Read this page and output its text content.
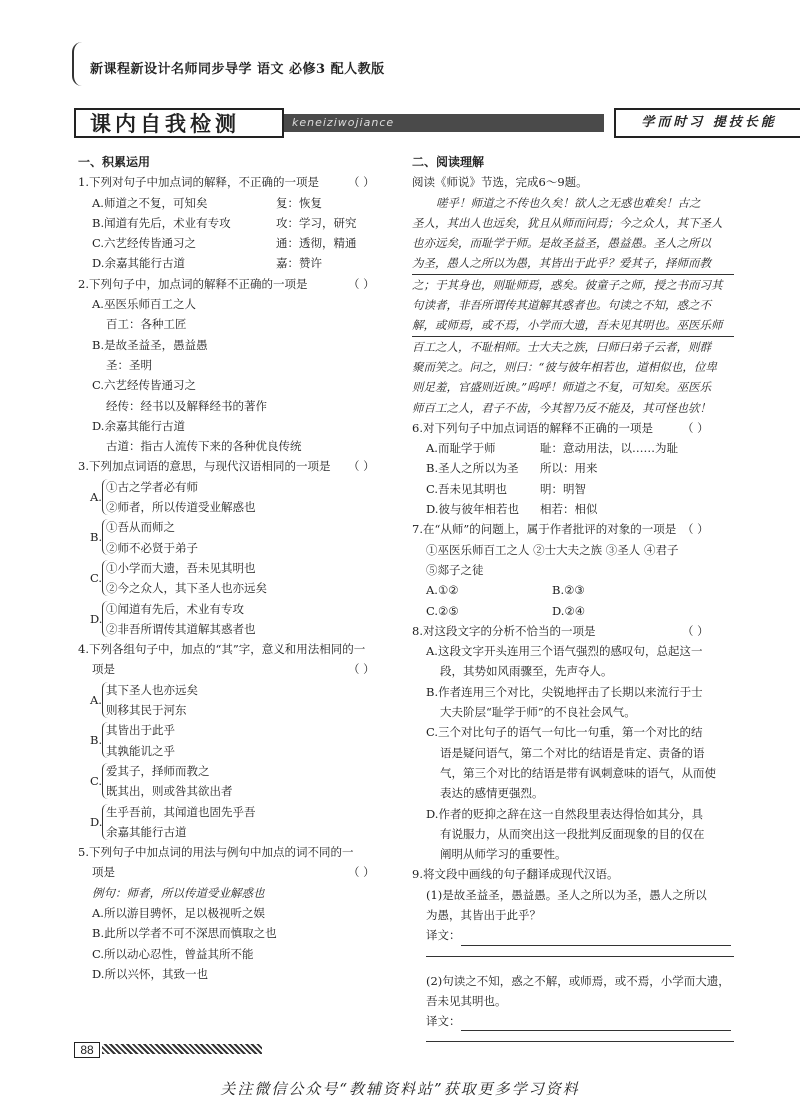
新课程新设计名师同步导学 语文 必修3 配人教版
课内自我检测	keneiziwojiance	学而时习 提技长能
一、积累运用
1.下列对句子中加点词的解释，不正确的一项是	（ ）
A.师道之不复，可知矣	复：恢复
B.闻道有先后，术业有专攻	攻：学习，研究
C.六艺经传皆通习之	通：透彻，精通
D.余嘉其能行古道	嘉：赞许
2.下列句子中，加点词的解释不正确的一项是	（ ）
A.巫医乐师百工之人
百工：各种工匠
B.是故圣益圣，愚益愚
圣：圣明
C.六艺经传皆通习之
经传：经书以及解释经书的著作
D.余嘉其能行古道
古道：指古人流传下来的各种优良传统
3.下列加点词语的意思，与现代汉语相同的一项是 （ ）
A.
①古之学者必有师
②师者，所以传道受业解惑也
B.
①吾从而师之
②师不必贤于弟子
C.
①小学而大遗，吾未见其明也
②今之众人，其下圣人也亦远矣
D.
①闻道有先后，术业有专攻
②非吾所谓传其道解其惑者也
4.下列各组句子中，加点的“其”字，意义和用法相同的一
项是	（ ）
A.
其下圣人也亦远矣
则移其民于河东
B.
其皆出于此乎
其孰能讥之乎
C.
爱其子，择师而教之
既其出，则或咎其欲出者
D.
生乎吾前，其闻道也固先乎吾
余嘉其能行古道
5.下列句子中加点词的用法与例句中加点的词不同的一
项是	（ ）
例句：师者，所以传道受业解惑也
A.所以游目骋怀，足以极视听之娱
B.此所以学者不可不深思而慎取之也
C.所以动心忍性，曾益其所不能
D.所以兴怀，其致一也
二、阅读理解
阅读《师说》节选，完成6～9题。
嗟乎！师道之不传也久矣！欲人之无惑也难矣！古之
圣人，其出人也远矣，犹且从师而问焉；今之众人，其下圣人
也亦远矣，而耻学于师。是故圣益圣，愚益愚。圣人之所以
为圣，愚人之所以为愚，其皆出于此乎？爱其子，择师而教
之；于其身也，则耻师焉，惑矣。彼童子之师，授之书而习其
句读者，非吾所谓传其道解其惑者也。句读之不知，惑之不
解，或师焉，或不焉，小学而大遗，吾未见其明也。巫医乐师
百工之人，不耻相师。士大夫之族，曰师曰弟子云者，则群
聚而笑之。问之，则曰：“彼与彼年相若也，道相似也，位卑
则足羞，官盛则近谀。”呜呼！师道之不复，可知矣。巫医乐
师百工之人，君子不齿，今其智乃反不能及，其可怪也欤！
6.对下列句子中加点词语的解释不正确的一项是	（ ）
A.而耻学于师	耻：意动用法，以……为耻
B.圣人之所以为圣 所以：用来
C.吾未见其明也	明：明智
D.彼与彼年相若也 相若：相似
7.在“从师”的问题上，属于作者批评的对象的一项是 （ ）
①巫医乐师百工之人 ②士大夫之族 ③圣人 ④君子
⑤郯子之徒
A.①②	B.②③
C.②⑤	D.②④
8.对这段文字的分析不恰当的一项是	（ ）
A.这段文字开头连用三个语气强烈的感叹句，总起这一
段，其势如风雨骤至，先声夺人。
B.作者连用三个对比，尖锐地抨击了长期以来流行于士
大夫阶层“耻学于师”的不良社会风气。
C.三个对比句子的语气一句比一句重，第一个对比的结
语是疑问语气，第二个对比的结语是肯定、责备的语
气，第三个对比的结语是带有讽刺意味的语气，从而使
表达的感情更强烈。
D.作者的贬抑之辞在这一自然段里表达得恰如其分，具
有说服力，从而突出这一段批判反面现象的目的仅在
阐明从师学习的重要性。
9.将文段中画线的句子翻译成现代汉语。
(1)是故圣益圣，愚益愚。圣人之所以为圣，愚人之所以
为愚，其皆出于此乎？
译文：
(2)句读之不知，惑之不解，或师焉，或不焉，小学而大遗，
吾未见其明也。
译文：
88
关注微信公众号“教辅资料站”获取更多学习资料
